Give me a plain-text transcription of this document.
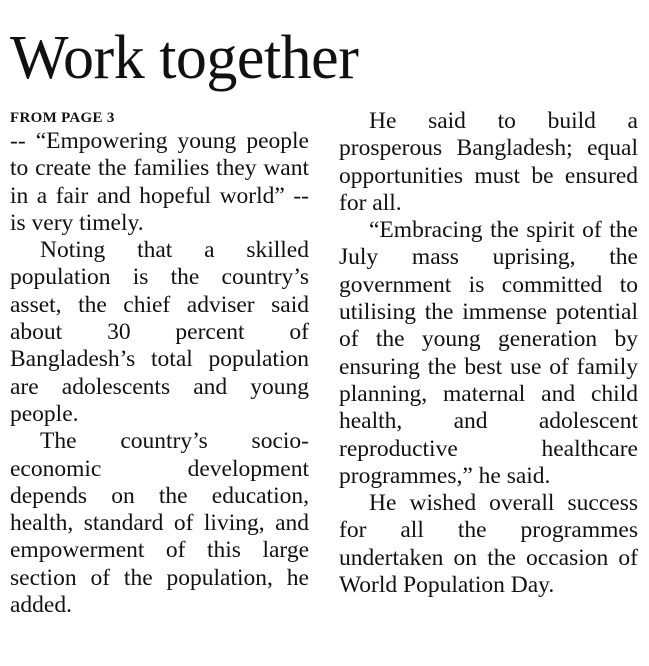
Work together
FROM PAGE 3

-- “Empowering young people to create the families they want in a fair and hopeful world” -- is very timely.

Noting that a skilled population is the country’s asset, the chief adviser said about 30 percent of Bangladesh’s total population are adolescents and young people.

The country’s socio-economic development depends on the education, health, standard of living, and empowerment of this large section of the population, he added.

He said to build a prosperous Bangladesh; equal opportunities must be ensured for all.

“Embracing the spirit of the July mass uprising, the government is committed to utilising the immense potential of the young generation by ensuring the best use of family planning, maternal and child health, and adolescent reproductive healthcare programmes,” he said.

He wished overall success for all the programmes undertaken on the occasion of World Population Day.
